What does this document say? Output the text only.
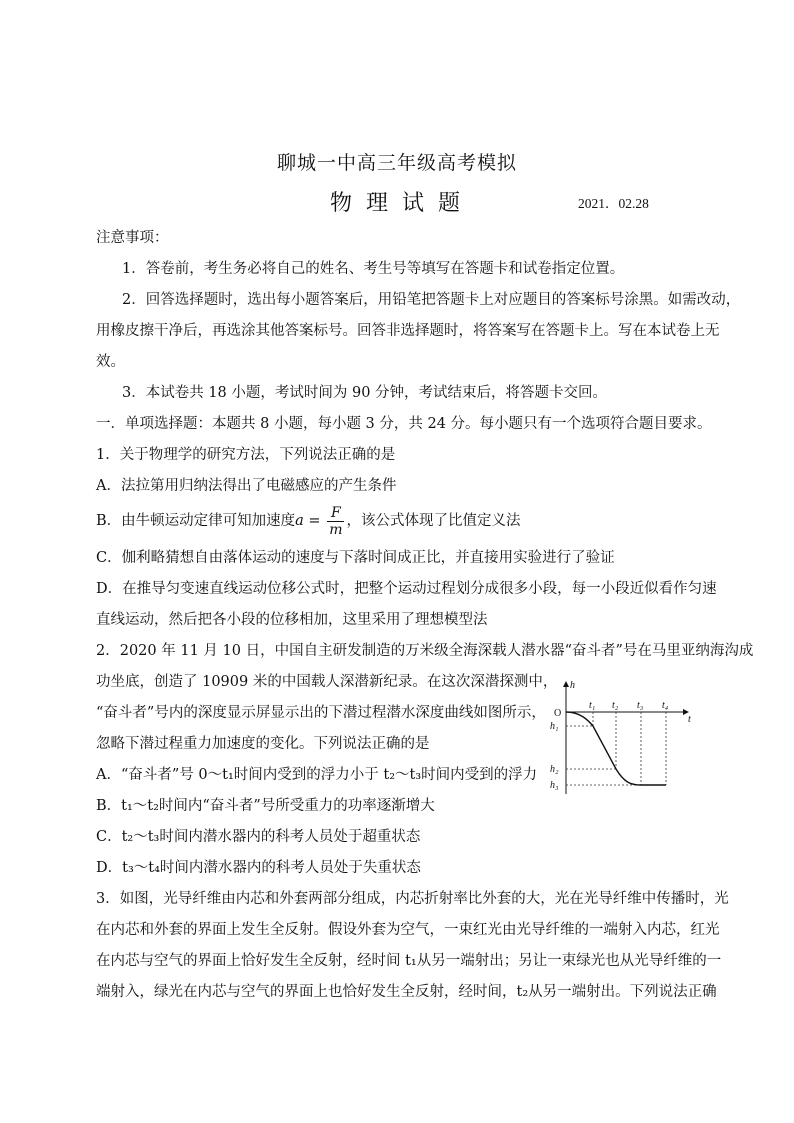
聊城一中高三年级高考模拟
物理试题	2021．02.28
注意事项：
1．答卷前，考生务必将自己的姓名、考生号等填写在答题卡和试卷指定位置。
2．回答选择题时，选出每小题答案后，用铅笔把答题卡上对应题目的答案标号涂黑。如需改动，
用橡皮擦干净后，再选涂其他答案标号。回答非选择题时，将答案写在答题卡上。写在本试卷上无
效。
3．本试卷共 18 小题，考试时间为 90 分钟，考试结束后，将答题卡交回。
一．单项选择题：本题共 8 小题，每小题 3 分，共 24 分。每小题只有一个选项符合题目要求。
1．关于物理学的研究方法，下列说法正确的是
A．法拉第用归纳法得出了电磁感应的产生条件
B．由牛顿运动定律可知加速度$a = \frac{F}{m}$ ，该公式体现了比值定义法
C．伽利略猜想自由落体运动的速度与下落时间成正比，并直接用实验进行了验证
D．在推导匀变速直线运动位移公式时，把整个运动过程划分成很多小段，每一小段近似看作匀速
直线运动，然后把各小段的位移相加，这里采用了理想模型法
2．2020 年 11 月 10 日，中国自主研发制造的万米级全海深载人潜水器“奋斗者”号在马里亚纳海沟成
功坐底，创造了 10909 米的中国载人深潜新纪录。在这次深潜探测中，
“奋斗者”号内的深度显示屏显示出的下潜过程潜水深度曲线如图所示，
忽略下潜过程重力加速度的变化。下列说法正确的是
A．“奋斗者”号 0～t₁时间内受到的浮力小于 t₂～t₃时间内受到的浮力
B．t₁～t₂时间内“奋斗者”号所受重力的功率逐渐增大
C．t₂～t₃时间内潜水器内的科考人员处于超重状态
D．t₃～t₄时间内潜水器内的科考人员处于失重状态
h
t
O
t₁ t₂ t₃ t₄
h₁
h₂
h₃
3．如图，光导纤维由内芯和外套两部分组成，内芯折射率比外套的大，光在光导纤维中传播时，光
在内芯和外套的界面上发生全反射。假设外套为空气，一束红光由光导纤维的一端射入内芯，红光
在内芯与空气的界面上恰好发生全反射，经时间 t₁从另一端射出；另让一束绿光也从光导纤维的一
端射入，绿光在内芯与空气的界面上也恰好发生全反射，经时间，t₂从另一端射出。下列说法正确
